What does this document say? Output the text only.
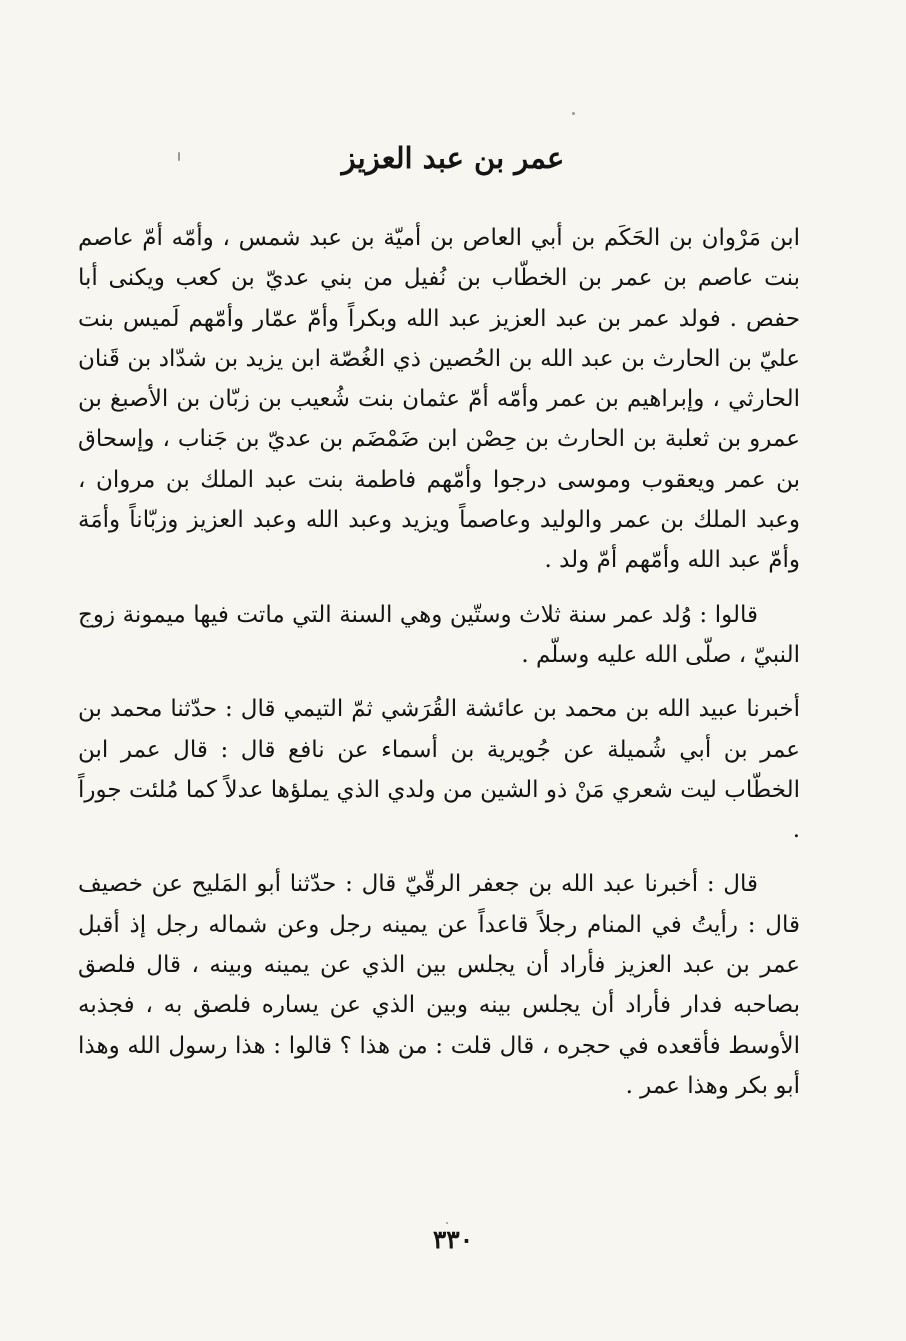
عمر بن عبد العزيز

ابن مَرْوان بن الحَكَم بن أبي العاص بن أميّة بن عبد شمس ، وأمّه أمّ عاصم بنت عاصم بن عمر بن الخطّاب بن نُفيل من بني عديّ بن كعب ويكنى أبا حفص . فولد عمر بن عبد العزيز عبد الله وبكراً وأمّ عمّار وأمّهم لَميس بنت عليّ بن الحارث بن عبد الله بن الحُصين ذي الغُصّة ابن يزيد بن شدّاد بن قَنان الحارثي ، وإبراهيم بن عمر وأمّه أمّ عثمان بنت شُعيب بن زبّان بن الأصبغ بن عمرو بن ثعلبة بن الحارث بن حِصْن ابن ضَمْضَم بن عديّ بن جَناب ، وإسحاق بن عمر ويعقوب وموسى درجوا وأمّهم فاطمة بنت عبد الملك بن مروان ، وعبد الملك بن عمر والوليد وعاصماً ويزيد وعبد الله وعبد العزيز وزبّاناً وأمَة وأمّ عبد الله وأمّهم أمّ ولد .

قالوا : وُلد عمر سنة ثلاث وستّين وهي السنة التي ماتت فيها ميمونة زوج النبيّ ، صلّى الله عليه وسلّم .

أخبرنا عبيد الله بن محمد بن عائشة القُرَشي ثمّ التيمي قال : حدّثنا محمد بن عمر بن أبي شُميلة عن جُويرية بن أسماء عن نافع قال : قال عمر ابن الخطّاب ليت شعري مَنْ ذو الشين من ولدي الذي يملؤها عدلاً كما مُلئت جوراً .

قال : أخبرنا عبد الله بن جعفر الرقّيّ قال : حدّثنا أبو المَليح عن خصيف قال : رأيتُ في المنام رجلاً قاعداً عن يمينه رجل وعن شماله رجل إذ أقبل عمر بن عبد العزيز فأراد أن يجلس بين الذي عن يمينه وبينه ، قال فلصق بصاحبه فدار فأراد أن يجلس بينه وبين الذي عن يساره فلصق به ، فجذبه الأوسط فأقعده في حجره ، قال قلت : من هذا ؟ قالوا : هذا رسول الله وهذا أبو بكر وهذا عمر .

٣٣٠
